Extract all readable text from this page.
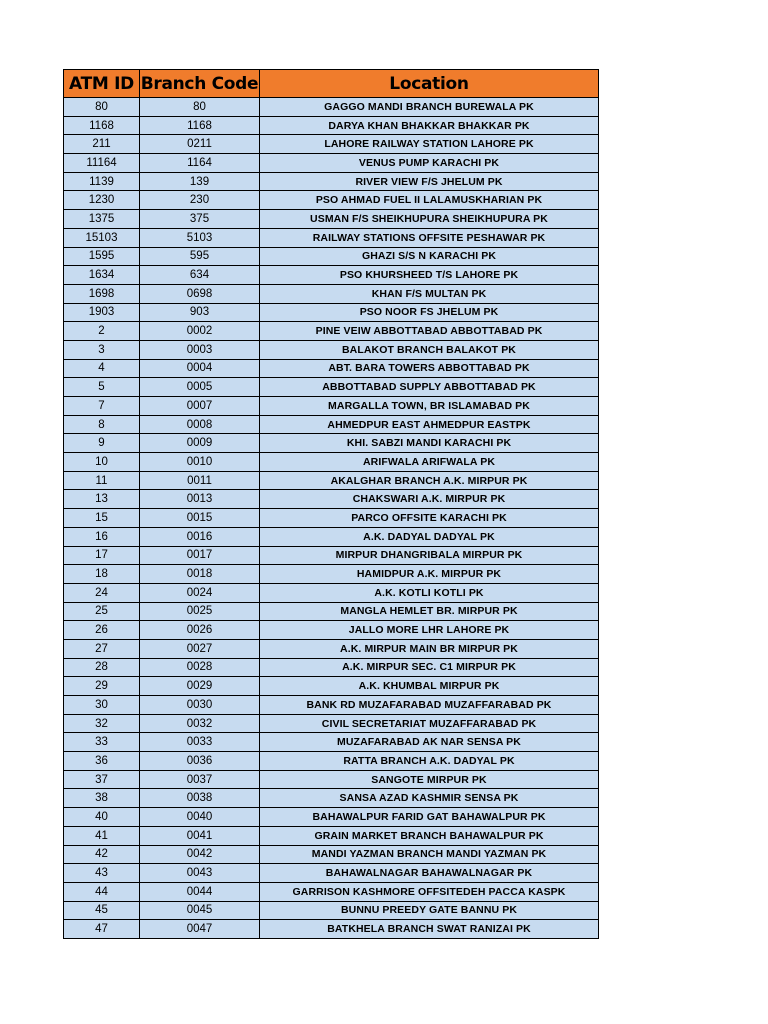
ATM ID	Branch Code	Location
80	80	GAGGO MANDI BRANCH BUREWALA PK
1168	1168	DARYA KHAN BHAKKAR BHAKKAR PK
211	0211	LAHORE RAILWAY STATION LAHORE PK
11164	1164	VENUS PUMP KARACHI PK
1139	139	RIVER VIEW F/S JHELUM PK
1230	230	PSO AHMAD FUEL II LALAMUSKHARIAN PK
1375	375	USMAN F/S SHEIKHUPURA SHEIKHUPURA PK
15103	5103	RAILWAY STATIONS OFFSITE PESHAWAR PK
1595	595	GHAZI S/S N KARACHI PK
1634	634	PSO KHURSHEED T/S LAHORE PK
1698	0698	KHAN F/S MULTAN PK
1903	903	PSO NOOR FS JHELUM PK
2	0002	PINE VEIW ABBOTTABAD ABBOTTABAD PK
3	0003	BALAKOT BRANCH BALAKOT PK
4	0004	ABT. BARA TOWERS ABBOTTABAD PK
5	0005	ABBOTTABAD SUPPLY ABBOTTABAD PK
7	0007	MARGALLA TOWN, BR ISLAMABAD PK
8	0008	AHMEDPUR EAST AHMEDPUR EASTPK
9	0009	KHI. SABZI MANDI KARACHI PK
10	0010	ARIFWALA ARIFWALA PK
11	0011	AKALGHAR BRANCH A.K. MIRPUR PK
13	0013	CHAKSWARI A.K. MIRPUR PK
15	0015	PARCO OFFSITE KARACHI PK
16	0016	A.K. DADYAL DADYAL PK
17	0017	MIRPUR DHANGRIBALA MIRPUR PK
18	0018	HAMIDPUR A.K. MIRPUR PK
24	0024	A.K. KOTLI KOTLI PK
25	0025	MANGLA HEMLET BR. MIRPUR PK
26	0026	JALLO MORE LHR LAHORE PK
27	0027	A.K. MIRPUR MAIN BR MIRPUR PK
28	0028	A.K. MIRPUR SEC. C1 MIRPUR PK
29	0029	A.K. KHUMBAL MIRPUR PK
30	0030	BANK RD MUZAFARABAD MUZAFFARABAD PK
32	0032	CIVIL SECRETARIAT MUZAFFARABAD PK
33	0033	MUZAFARABAD AK NAR SENSA PK
36	0036	RATTA BRANCH A.K. DADYAL PK
37	0037	SANGOTE MIRPUR PK
38	0038	SANSA AZAD KASHMIR SENSA PK
40	0040	BAHAWALPUR FARID GAT BAHAWALPUR PK
41	0041	GRAIN MARKET BRANCH BAHAWALPUR PK
42	0042	MANDI YAZMAN BRANCH MANDI YAZMAN PK
43	0043	BAHAWALNAGAR BAHAWALNAGAR PK
44	0044	GARRISON KASHMORE OFFSITEDEH PACCA KASPK
45	0045	BUNNU PREEDY GATE BANNU PK
47	0047	BATKHELA BRANCH SWAT RANIZAI PK
